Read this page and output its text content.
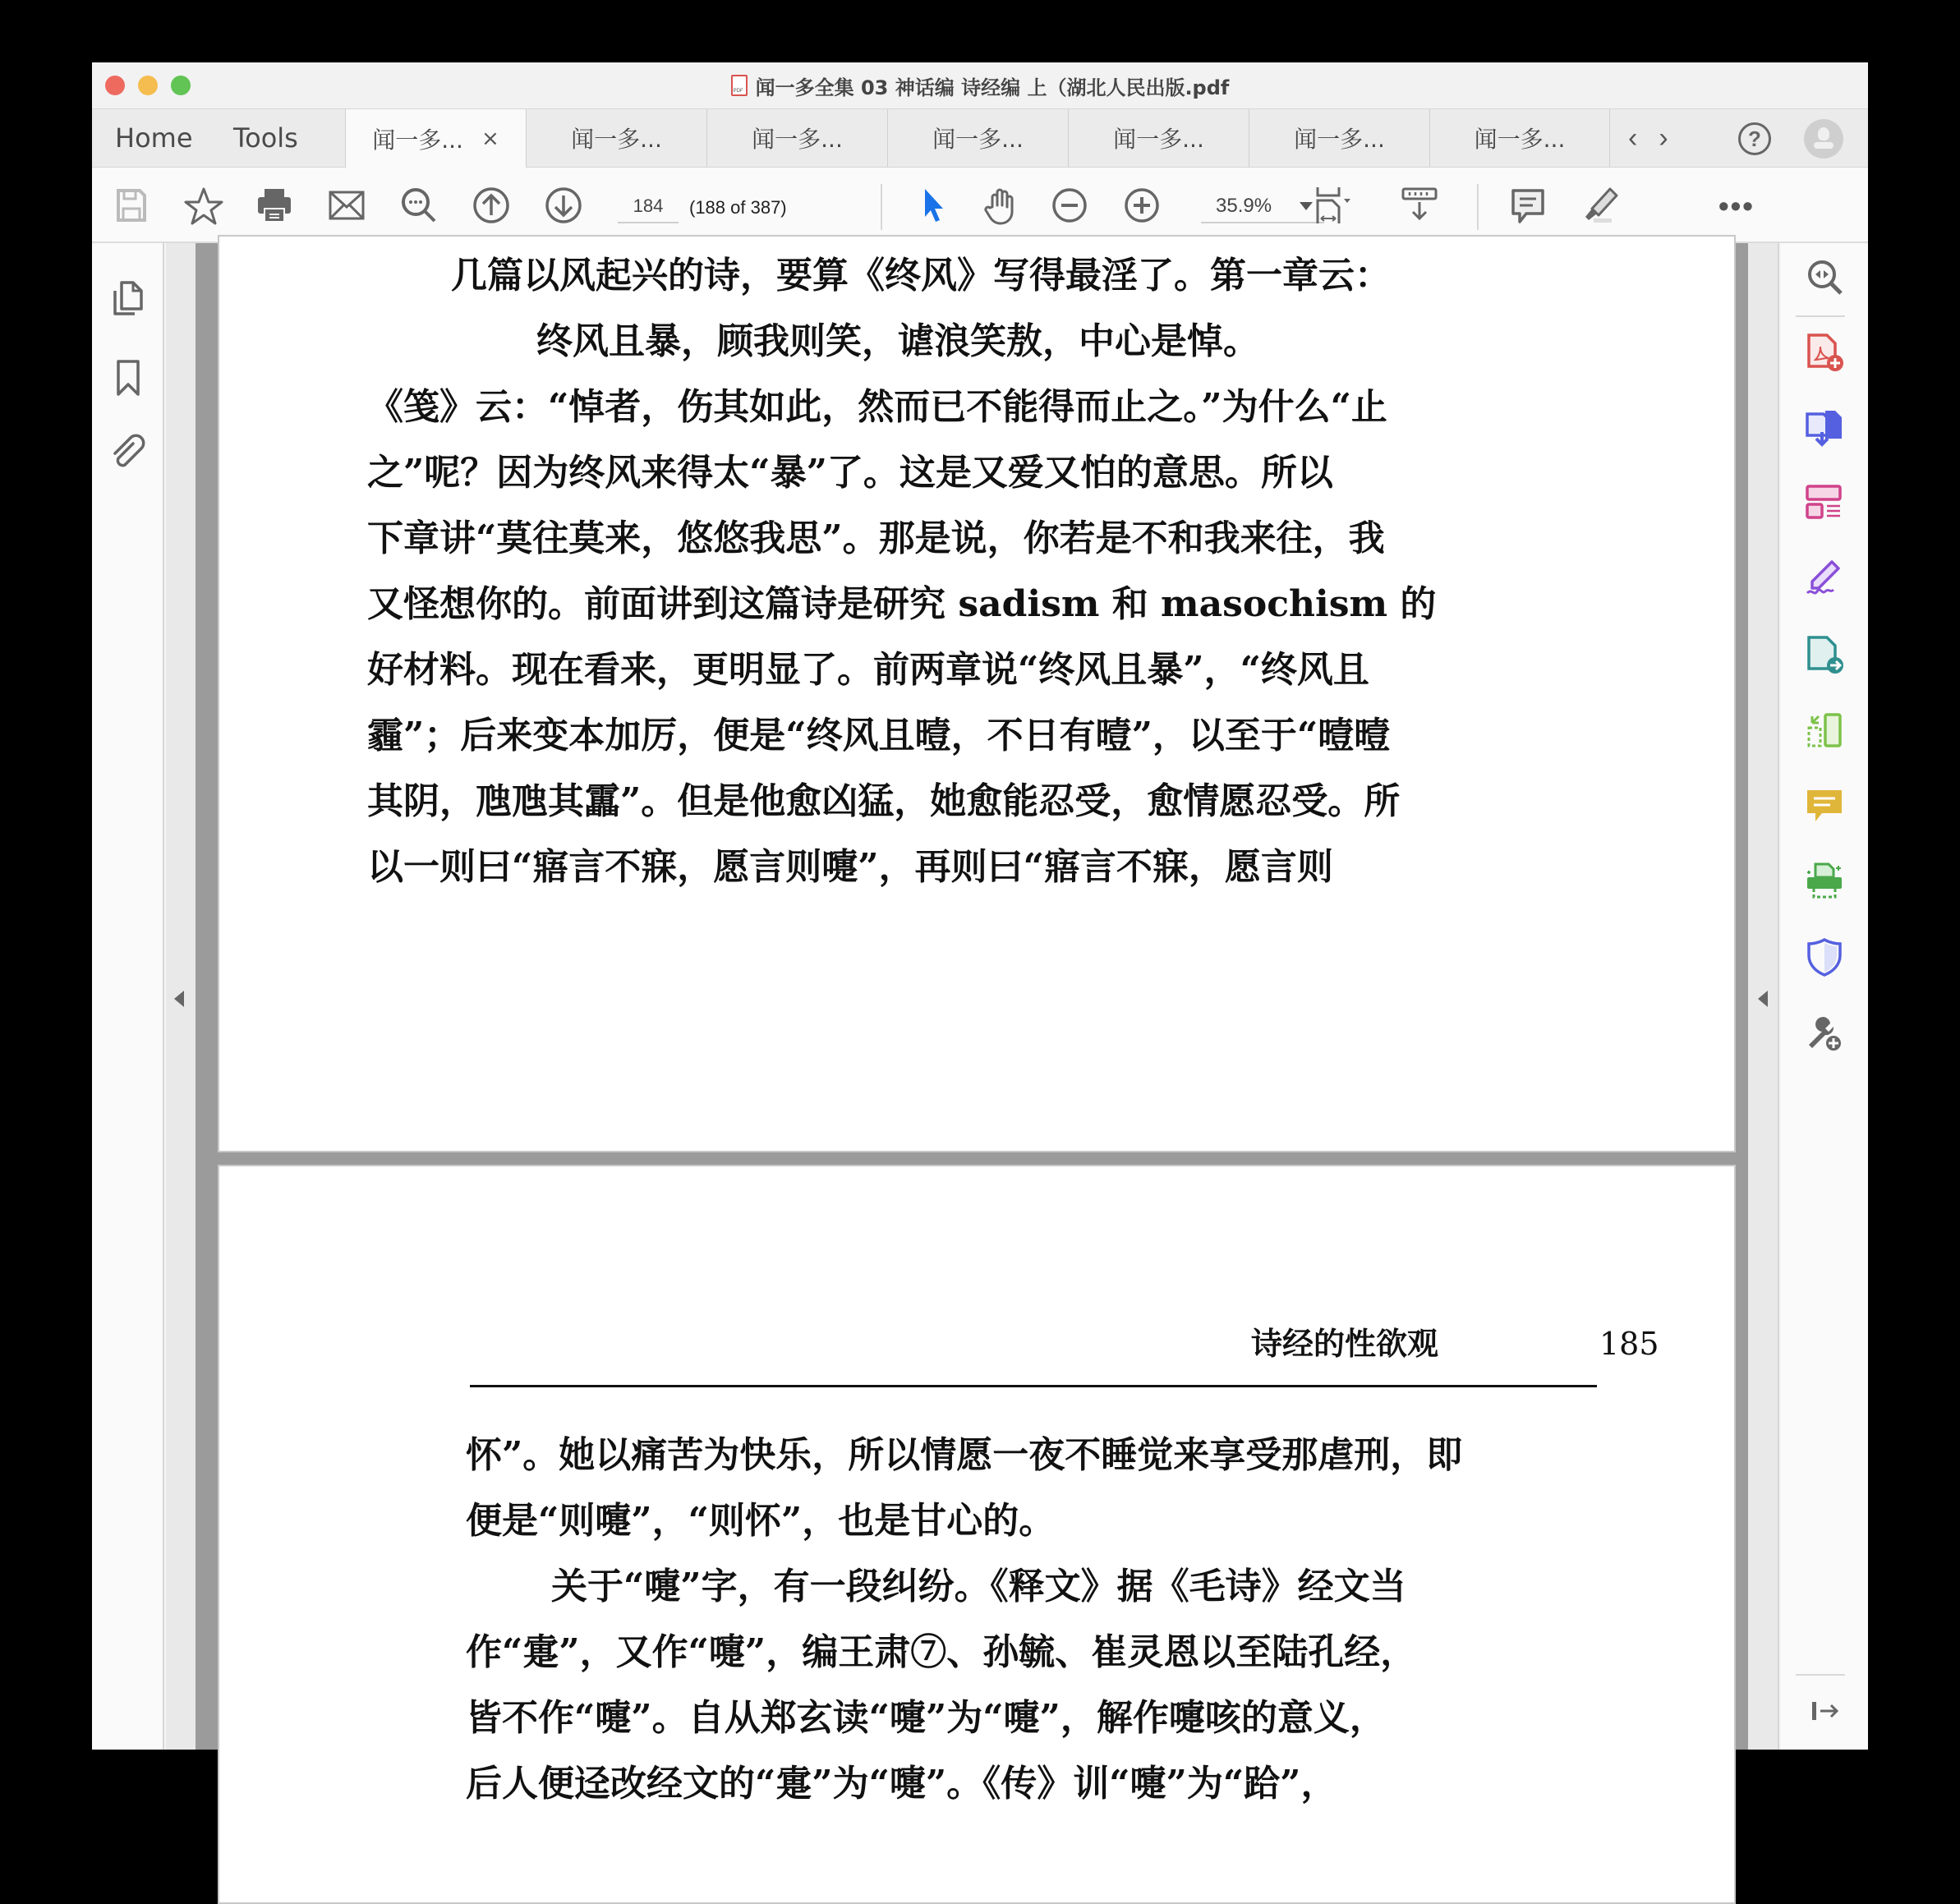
PDF
闻一多全集 03 神话编 诗经编 上（湖北人民出版.pdf
Home Tools	闻一多... ×	闻一多...	闻一多...	闻一多...	闻一多...	闻一多...	闻一多... ‹ ›	?
184
(188 of 387)	35.9%	•••
几篇以风起兴的诗，要算《终风》写得最淫了。第一章云：
终风且暴，顾我则笑，谑浪笑敖，中心是悼。
《笺》云：“悼者，伤其如此，然而已不能得而止之。”为什么“止
之”呢？因为终风来得太“暴”了。这是又爱又怕的意思。所以
下章讲“莫往莫来，悠悠我思”。那是说，你若是不和我来往，我
又怪想你的。前面讲到这篇诗是研究 sadism 和 masochism 的
好材料。现在看来，更明显了。前两章说“终风且暴”，“终风且
霾”；后来变本加厉，便是“终风且曀，不日有曀”，以至于“曀曀
其阴，虺虺其靁”。但是他愈凶猛，她愈能忍受，愈情愿忍受。所
以一则曰“寤言不寐，愿言则嚏”，再则曰“寤言不寐，愿言则
诗经的性欲观	185
怀”。她以痛苦为快乐，所以情愿一夜不睡觉来享受那虐刑，即
便是“则嚏”，“则怀”，也是甘心的。
关于“嚏”字，有一段纠纷。《释文》据《毛诗》经文当
作“疐”，又作“嚏”，编王肃⑦、孙毓、崔灵恩以至陆孔经，
皆不作“嚏”。自从郑玄读“嚏”为“嚏”，解作嚏咳的意义，
后人便迳改经文的“疐”为“嚏”。《传》训“嚏”为“跲”，
